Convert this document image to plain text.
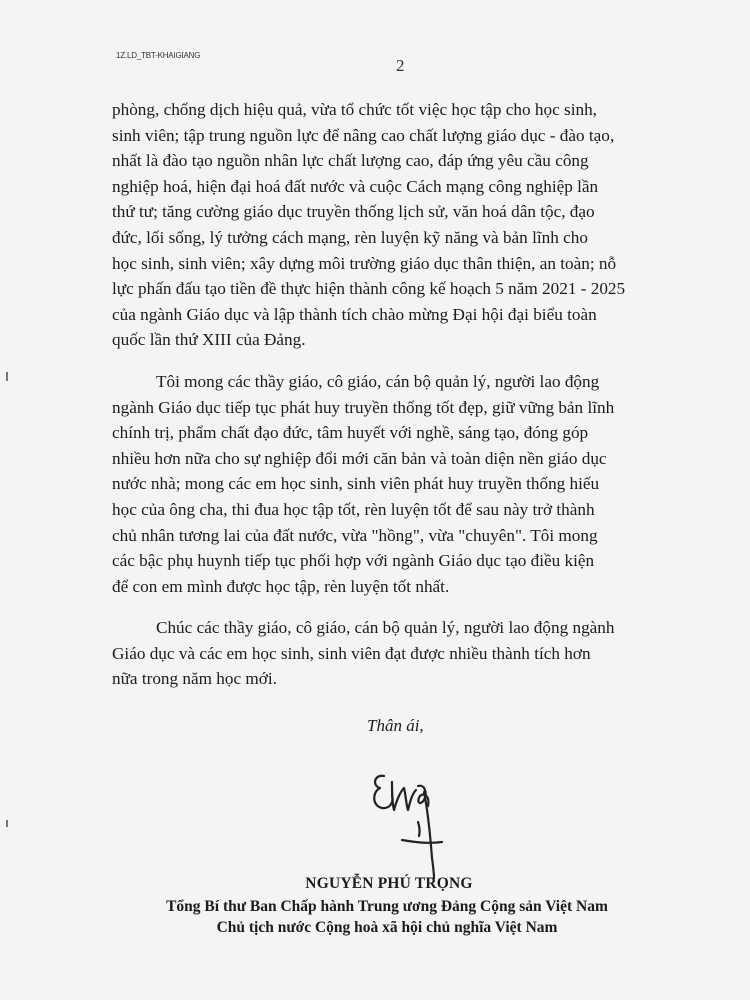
1Z.LD_TBT-KHAIGIANG
2
phòng, chống dịch hiệu quả, vừa tổ chức tốt việc học tập cho học sinh,
sinh viên; tập trung nguồn lực để nâng cao chất lượng giáo dục - đào tạo,
nhất là đào tạo nguồn nhân lực chất lượng cao, đáp ứng yêu cầu công
nghiệp hoá, hiện đại hoá đất nước và cuộc Cách mạng công nghiệp lần
thứ tư; tăng cường giáo dục truyền thống lịch sử, văn hoá dân tộc, đạo
đức, lối sống, lý tưởng cách mạng, rèn luyện kỹ năng và bản lĩnh cho
học sinh, sinh viên; xây dựng môi trường giáo dục thân thiện, an toàn; nỗ
lực phấn đấu tạo tiền đề thực hiện thành công kế hoạch 5 năm 2021 - 2025
của ngành Giáo dục và lập thành tích chào mừng Đại hội đại biểu toàn
quốc lần thứ XIII của Đảng.
Tôi mong các thầy giáo, cô giáo, cán bộ quản lý, người lao động
ngành Giáo dục tiếp tục phát huy truyền thống tốt đẹp, giữ vững bản lĩnh
chính trị, phẩm chất đạo đức, tâm huyết với nghề, sáng tạo, đóng góp
nhiều hơn nữa cho sự nghiệp đổi mới căn bản và toàn diện nền giáo dục
nước nhà; mong các em học sinh, sinh viên phát huy truyền thống hiếu
học của ông cha, thi đua học tập tốt, rèn luyện tốt để sau này trở thành
chủ nhân tương lai của đất nước, vừa "hồng", vừa "chuyên". Tôi mong
các bậc phụ huynh tiếp tục phối hợp với ngành Giáo dục tạo điều kiện
để con em mình được học tập, rèn luyện tốt nhất.
Chúc các thầy giáo, cô giáo, cán bộ quản lý, người lao động ngành
Giáo dục và các em học sinh, sinh viên đạt được nhiều thành tích hơn
nữa trong năm học mới.
Thân ái,
NGUYỄN PHÚ TRỌNG
Tổng Bí thư Ban Chấp hành Trung ương Đảng Cộng sản Việt Nam
Chủ tịch nước Cộng hoà xã hội chủ nghĩa Việt Nam
